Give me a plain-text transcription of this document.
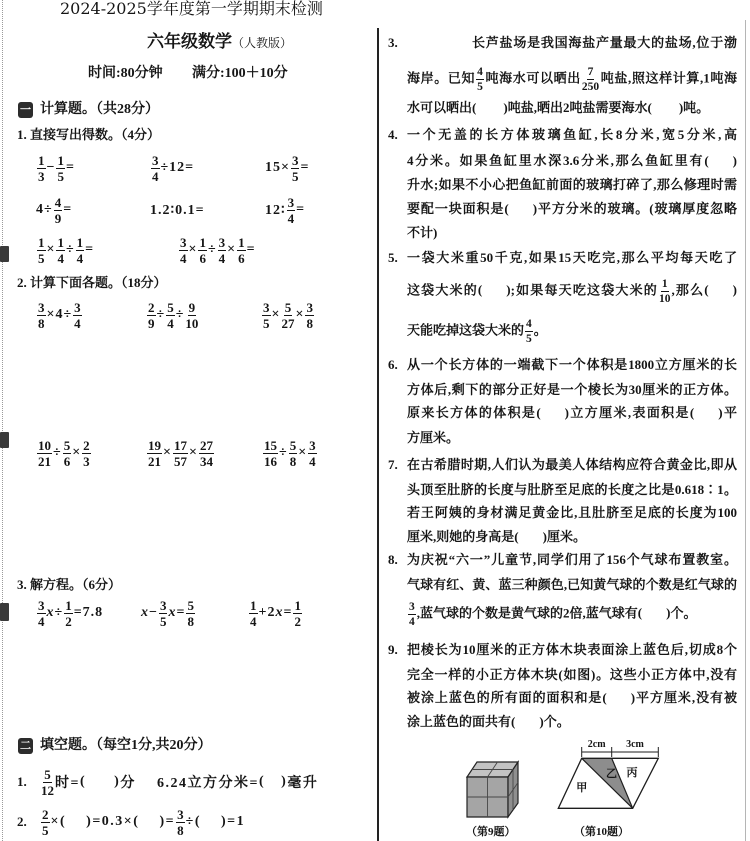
2024-2025学年度第一学期期末检测
六年级数学（人教版）
时间:80分钟 满分:100＋10分
一 计算题。（共28分）
1. 直接写出得数。（4分）
$\frac{1}{3} - \frac{1}{5}$ =	$\frac{3}{4} \div 12=$	$15\times \frac{3}{5}$ =
$4\div \frac{4}{9}$ =	1.2∶0.1=	12∶ $\frac{3}{4}$ =
$\frac{1}{5} \times \frac{1}{4} \div \frac{1}{4}$ =	$\frac{3}{4} \times \frac{1}{6} \div \frac{3}{4} \times \frac{1}{6}$ =
2. 计算下面各题。（18分）
$\frac{3}{8} \times 4\div \frac{3}{4}$	$\frac{2}{9} \div \frac{5}{4} \div \frac{9}{10}$	$\frac{3}{5} \times \frac{5}{27} \times \frac{3}{8}$
$\frac{10}{21} \div \frac{5}{6} \times \frac{2}{3}$	$\frac{19}{21} \times \frac{17}{57} \times \frac{27}{34}$	$\frac{15}{16} \div \frac{5}{8} \times \frac{3}{4}$
3. 解方程。（6分）
$\frac{3}{4}$ $x \div \frac{1}{2} =7.8$	$x - \frac{3}{5}$ $x = \frac{5}{8}$	$\frac{1}{4} +2$ $x = \frac{1}{2}$
二 填空题。（每空1分,共20分）
1. $\frac{5}{12}$ 时= ( ) 分 6.24立方分米= ( ) 毫升
2. $\frac{2}{5}$ × ( ) =0.3× ( ) = $\frac{3}{8}$ ÷ ( ) =1
3.	长芦盐场是我国海盐产量最大的盐场,位于渤
海岸。已知 $\frac{4}{5}$ 吨海水可以晒出 $\frac{7}{250}$ 吨盐,照这样计算,1吨海
水可以晒出( )吨盐,晒出2吨盐需要海水( )吨。
4. 一个无盖的长方体玻璃鱼缸,长8分米,宽5分米,高
4分米。如果鱼缸里水深3.6分米,那么鱼缸里有( )
升水;如果不小心把鱼缸前面的玻璃打碎了,那么修理时需
要配一块面积是( )平方分米的玻璃。(玻璃厚度忽略
不计)
5. 一袋大米重50千克,如果15天吃完,那么平均每天吃了
这袋大米的( );如果每天吃这袋大米的 $\frac{1}{10}$ ,那么( )
天能吃掉这袋大米的 $\frac{4}{5}$ 。
6. 从一个长方体的一端截下一个体积是1800立方厘米的长
方体后,剩下的部分正好是一个棱长为30厘米的正方体。
原来长方体的体积是( )立方厘米,表面积是( )平
方厘米。
7. 在古希腊时期,人们认为最美人体结构应符合黄金比,即从
头顶至肚脐的长度与肚脐至足底的长度之比是0.618∶1。
若王阿姨的身材满足黄金比,且肚脐至足底的长度为100
厘米,则她的身高是( )厘米。
8. 为庆祝“六一”儿童节,同学们用了156个气球布置教室。
气球有红、黄、蓝三种颜色,已知黄气球的个数是红气球的
$\frac{3}{4}$ ,蓝气球的个数是黄气球的2倍,蓝气球有( )个。
9. 把棱长为10厘米的正方体木块表面涂上蓝色后,切成8个
完全一样的小正方体木块(如图)。这些小正方体中,没有
被涂上蓝色的所有面的面积和是( )平方厘米,没有被
涂上蓝色的面共有( )个。
（第9题）
2cm 3cm
甲
乙 丙
（第10题）
